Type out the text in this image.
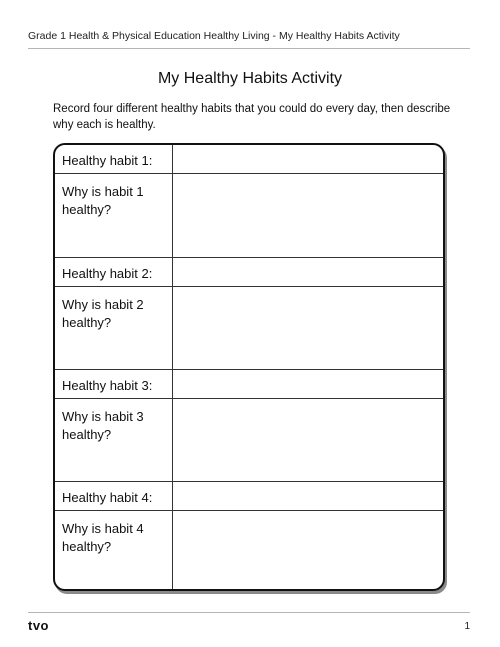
Grade 1 Health & Physical Education Healthy Living - My Healthy Habits Activity
My Healthy Habits Activity
Record four different healthy habits that you could do every day, then describe why each is healthy.
Healthy habit 1:
Why is habit 1 healthy?
Healthy habit 2:
Why is habit 2 healthy?
Healthy habit 3:
Why is habit 3 healthy?
Healthy habit 4:
Why is habit 4 healthy?
tvo	1
